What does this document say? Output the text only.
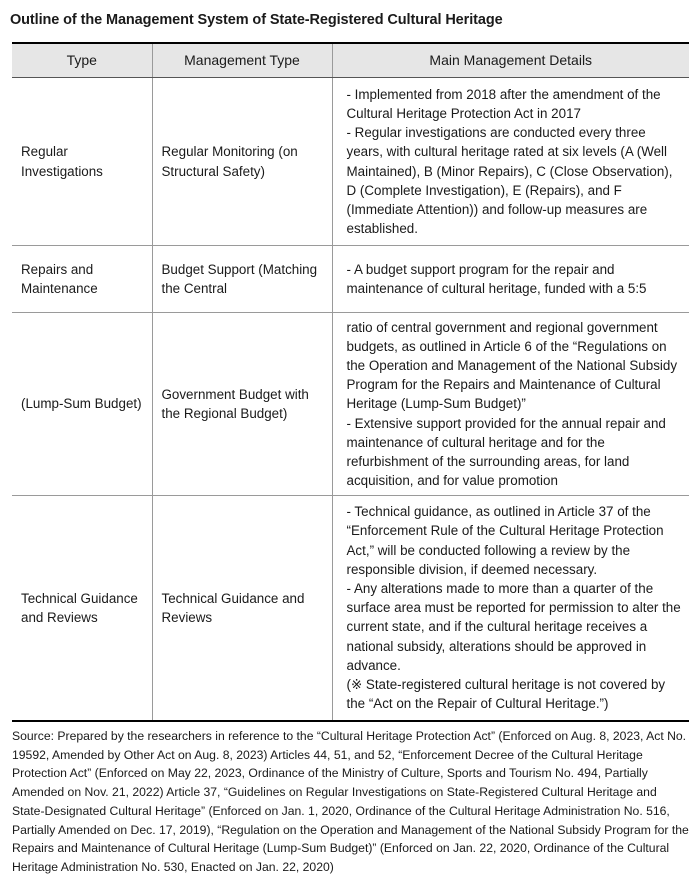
Outline of the Management System of State-Registered Cultural Heritage
Type	Management Type	Main Management Details
Regular Investigations	Regular Monitoring (on Structural Safety)	- Implemented from 2018 after the amendment of the Cultural Heritage Protection Act in 2017
- Regular investigations are conducted every three years, with cultural heritage rated at six levels (A (Well Maintained), B (Minor Repairs), C (Close Observation), D (Complete Investigation), E (Repairs), and F (Immediate Attention)) and follow-up measures are established.

Repairs and Maintenance	Budget Support (Matching the Central	- A budget support program for the repair and maintenance of cultural heritage, funded with a 5:5

(Lump-Sum Budget)	Government Budget with the Regional Budget)	ratio of central government and regional government budgets, as outlined in Article 6 of the “Regulations on the Operation and Management of the National Subsidy Program for the Repairs and Maintenance of Cultural Heritage (Lump-Sum Budget)”
- Extensive support provided for the annual repair and maintenance of cultural heritage and for the refurbishment of the surrounding areas, for land acquisition, and for value promotion

Technical Guidance and Reviews	Technical Guidance and Reviews	- Technical guidance, as outlined in Article 37 of the “Enforcement Rule of the Cultural Heritage Protection Act,” will be conducted following a review by the responsible division, if deemed necessary.
- Any alterations made to more than a quarter of the surface area must be reported for permission to alter the current state, and if the cultural heritage receives a national subsidy, alterations should be approved in advance.
(※ State-registered cultural heritage is not covered by the “Act on the Repair of Cultural Heritage.”)
Source: Prepared by the researchers in reference to the “Cultural Heritage Protection Act” (Enforced on Aug. 8, 2023, Act No. 19592, Amended by Other Act on Aug. 8, 2023) Articles 44, 51, and 52, “Enforcement Decree of the Cultural Heritage Protection Act” (Enforced on May 22, 2023, Ordinance of the Ministry of Culture, Sports and Tourism No. 494, Partially Amended on Nov. 21, 2022) Article 37, “Guidelines on Regular Investigations on State-Registered Cultural Heritage and State-Designated Cultural Heritage” (Enforced on Jan. 1, 2020, Ordinance of the Cultural Heritage Administration No. 516, Partially Amended on Dec. 17, 2019), “Regulation on the Operation and Management of the National Subsidy Program for the Repairs and Maintenance of Cultural Heritage (Lump-Sum Budget)” (Enforced on Jan. 22, 2020, Ordinance of the Cultural Heritage Administration No. 530, Enacted on Jan. 22, 2020)
